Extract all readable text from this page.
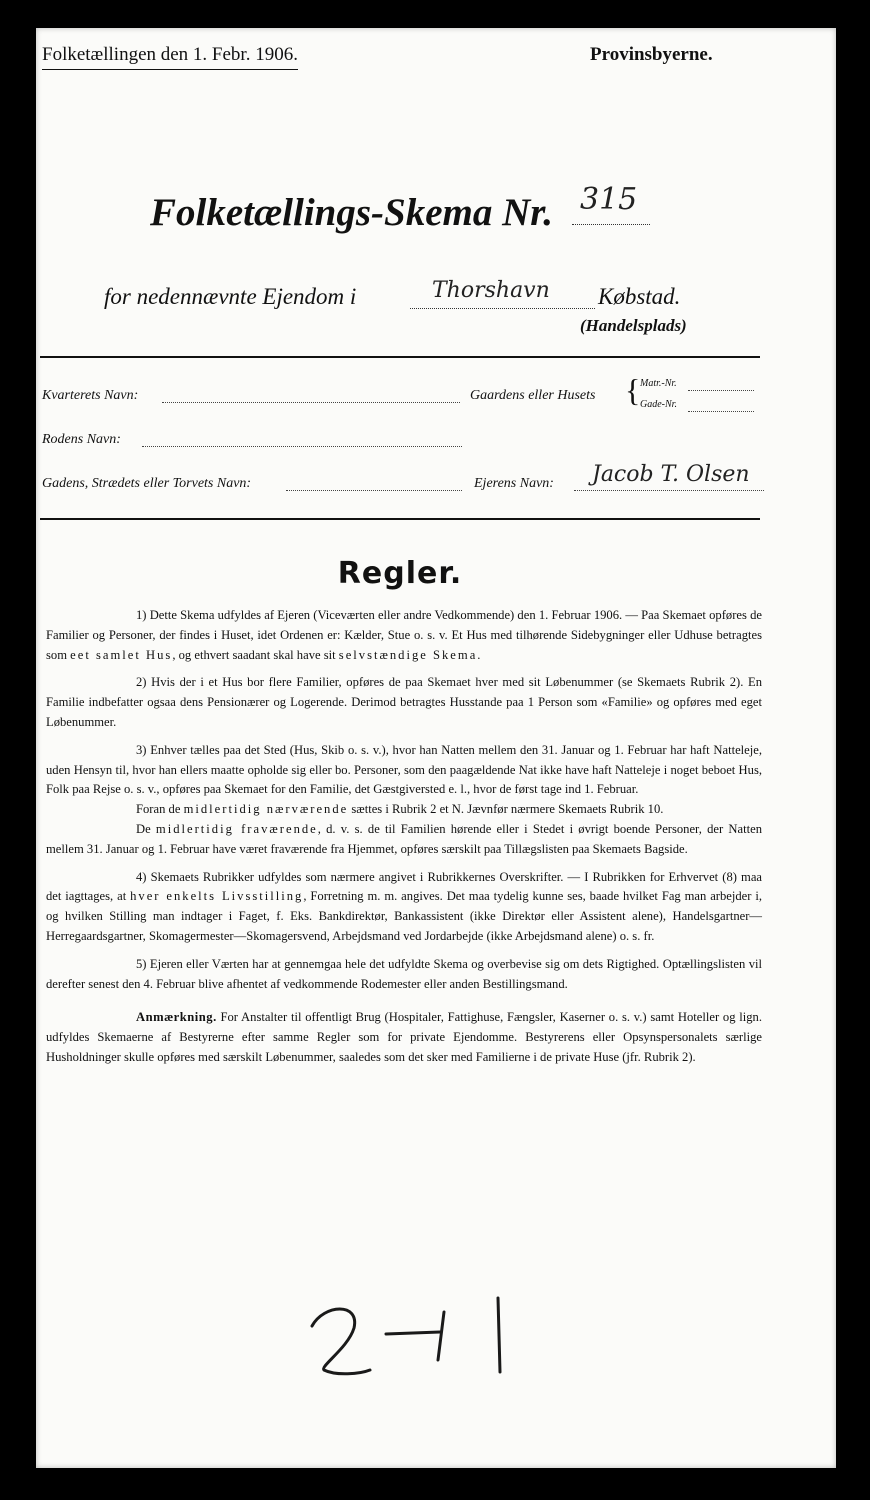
Folketællingen den 1. Febr. 1906.	Provinsbyerne.
Folketællings-Skema Nr. 315
for nedennævnte Ejendom i	Thorshavn Købstad.
(Handelsplads)
Kvarterets Navn:	Gaardens eller Husets { Matr.-Nr.
Gade-Nr.
Rodens Navn:
Gadens, Strædets eller Torvets Navn:	Ejerens Navn: Jacob T. Olsen
Regler.

1) Dette Skema udfyldes af Ejeren (Viceværten eller andre Vedkommende) den 1. Februar 1906. — Paa Skemaet opføres de Familier og Personer, der findes i Huset, idet Ordenen er: Kælder, Stue o. s. v. Et Hus med tilhørende Sidebygninger eller Udhuse betragtes som eet samlet Hus, og ethvert saadant skal have sit selvstændige Skema.

2) Hvis der i et Hus bor flere Familier, opføres de paa Skemaet hver med sit Løbenummer (se Skemaets Rubrik 2). En Familie indbefatter ogsaa dens Pensionærer og Logerende. Derimod betragtes Husstande paa 1 Person som «Familie» og opføres med eget Løbenummer.

3) Enhver tælles paa det Sted (Hus, Skib o. s. v.), hvor han Natten mellem den 31. Januar og 1. Februar har haft Natteleje, uden Hensyn til, hvor han ellers maatte opholde sig eller bo. Personer, som den paagældende Nat ikke have haft Natteleje i noget beboet Hus, Folk paa Rejse o. s. v., opføres paa Skemaet for den Familie, det Gæstgiversted e. l., hvor de først tage ind 1. Februar.

Foran de midlertidig nærværende sættes i Rubrik 2 et N. Jævnfør nærmere Skemaets Rubrik 10.

De midlertidig fraværende, d. v. s. de til Familien hørende eller i Stedet i øvrigt boende Personer, der Natten mellem 31. Januar og 1. Februar have været fraværende fra Hjemmet, opføres særskilt paa Tillægslisten paa Skemaets Bagside.

4) Skemaets Rubrikker udfyldes som nærmere angivet i Rubrikkernes Overskrifter. — I Rubrikken for Erhvervet (8) maa det iagttages, at hver enkelts Livsstilling, Forretning m. m. angives. Det maa tydelig kunne ses, baade hvilket Fag man arbejder i, og hvilken Stilling man indtager i Faget, f. Eks. Bankdirektør, Bankassistent (ikke Direktør eller Assistent alene), Handelsgartner—Herregaardsgartner, Skomagermester—Skomagersvend, Arbejdsmand ved Jordarbejde (ikke Arbejdsmand alene) o. s. fr.

5) Ejeren eller Værten har at gennemgaa hele det udfyldte Skema og overbevise sig om dets Rigtighed. Optællingslisten vil derefter senest den 4. Februar blive afhentet af vedkommende Rodemester eller anden Bestillingsmand.

Anmærkning. For Anstalter til offentligt Brug (Hospitaler, Fattighuse, Fængsler, Kaserner o. s. v.) samt Hoteller og lign. udfyldes Skemaerne af Bestyrerne efter samme Regler som for private Ejendomme. Bestyrerens eller Opsynspersonalets særlige Husholdninger skulle opføres med særskilt Løbenummer, saaledes som det sker med Familierne i de private Huse (jfr. Rubrik 2).
